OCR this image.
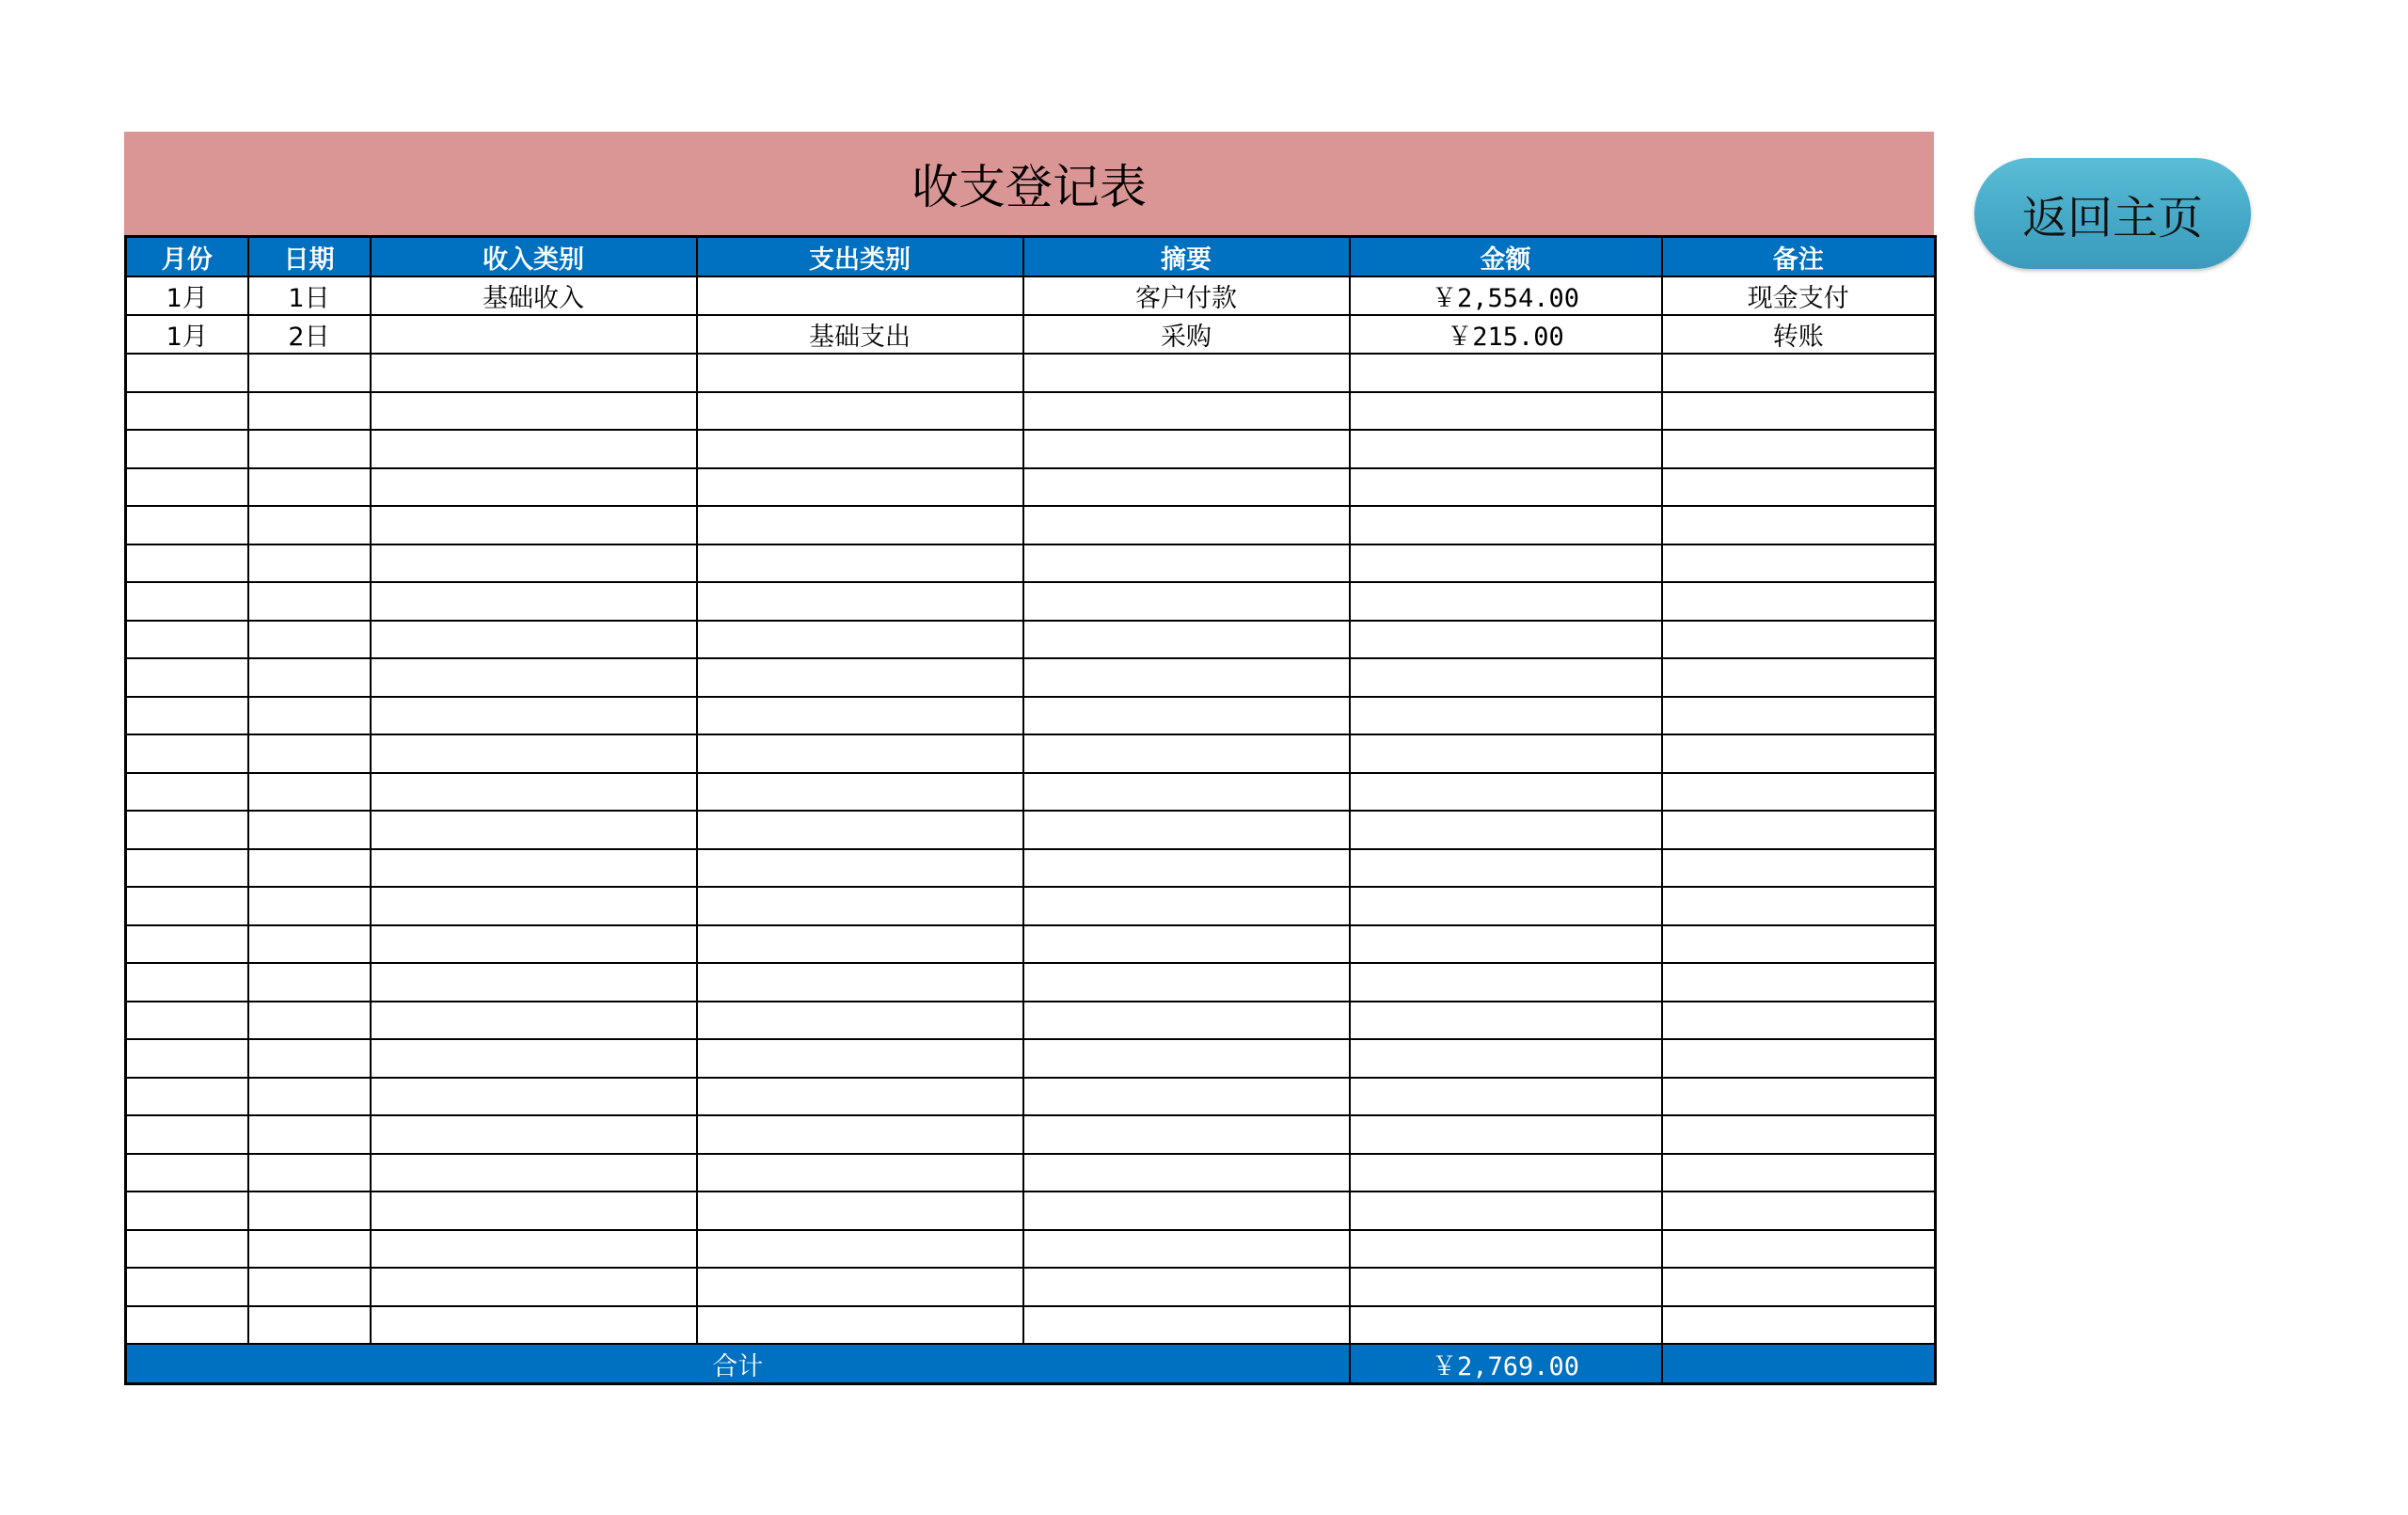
收支登记表
月份	日期	收入类别	支出类别	摘要	金额	备注
1月	1日	基础收入		客户付款	￥2,554.00	现金支付
1月	2日		基础支出	采购	￥215.00	转账

合计					￥2,769.00	
返回主页
